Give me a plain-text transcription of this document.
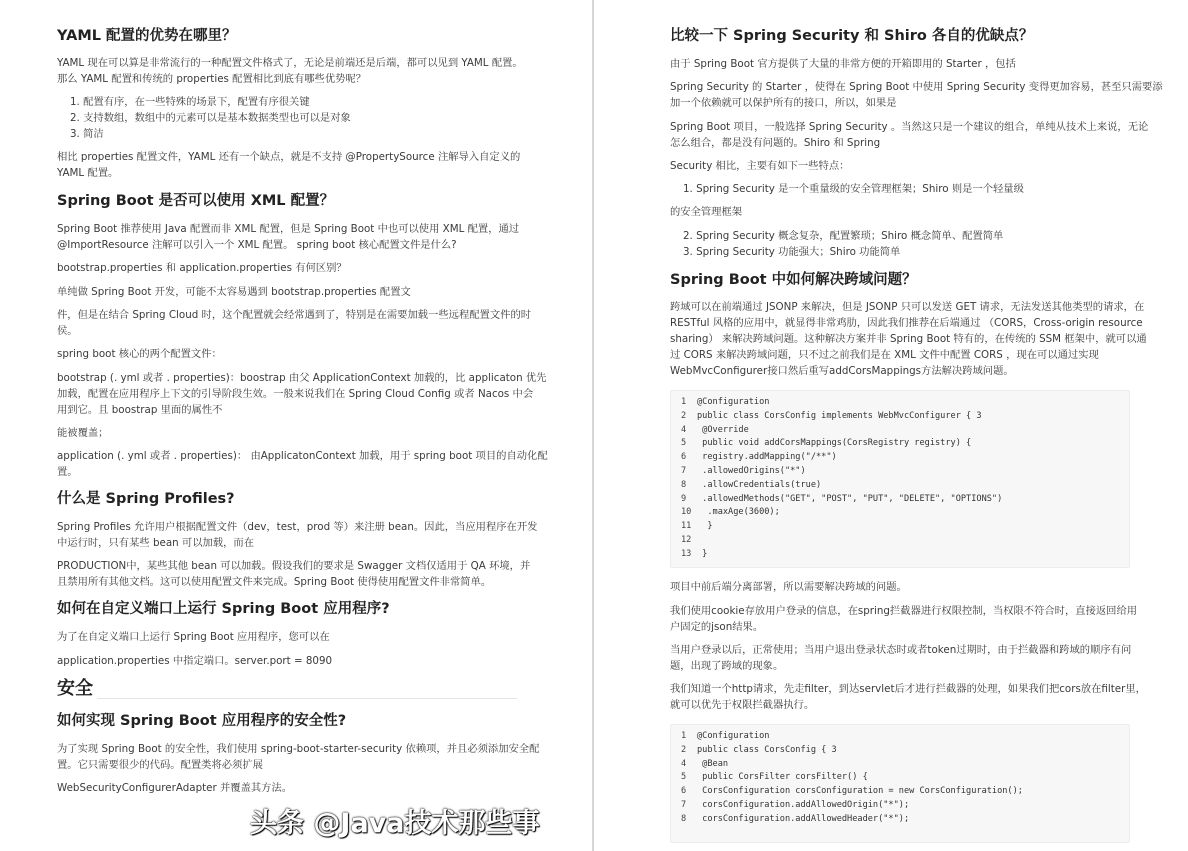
YAML 配置的优势在哪里？
YAML 现在可以算是非常流行的一种配置文件格式了，无论是前端还是后端，都可以见到 YAML 配置。
那么 YAML 配置和传统的 properties 配置相比到底有哪些优势呢？
1. 配置有序，在一些特殊的场景下，配置有序很关键
2. 支持数组，数组中的元素可以是基本数据类型也可以是对象
3. 简洁
相比 properties 配置文件，YAML 还有一个缺点，就是不支持 @PropertySource 注解导入自定义的
YAML 配置。
Spring Boot 是否可以使用 XML 配置？
Spring Boot 推荐使用 Java 配置而非 XML 配置，但是 Spring Boot 中也可以使用 XML 配置，通过
@ImportResource 注解可以引入一个 XML 配置。 spring boot 核心配置文件是什么?
bootstrap.properties 和 application.properties 有何区别？
单纯做 Spring Boot 开发，可能不太容易遇到 bootstrap.properties 配置文
件，但是在结合 Spring Cloud 时，这个配置就会经常遇到了，特别是在需要加载一些远程配置文件的时
侯。
spring boot 核心的两个配置文件：
bootstrap (. yml 或者 . properties)：boostrap 由父 ApplicationContext 加载的，比 applicaton 优先
加载，配置在应用程序上下文的引导阶段生效。一般来说我们在 Spring Cloud Config 或者 Nacos 中会
用到它。且 boostrap 里面的属性不
能被覆盖；
application (. yml 或者 . properties)： 由ApplicatonContext 加载，用于 spring boot 项目的自动化配
置。
什么是 Spring Profiles?
Spring Profiles 允许用户根据配置文件（dev，test，prod 等）来注册 bean。因此，当应用程序在开发
中运行时，只有某些 bean 可以加载，而在
PRODUCTION中，某些其他 bean 可以加载。假设我们的要求是 Swagger 文档仅适用于 QA 环境，并
且禁用所有其他文档。这可以使用配置文件来完成。Spring Boot 使得使用配置文件非常简单。
如何在自定义端口上运行 Spring Boot 应用程序?
为了在自定义端口上运行 Spring Boot 应用程序，您可以在
application.properties 中指定端口。server.port = 8090
安全
如何实现 Spring Boot 应用程序的安全性?
为了实现 Spring Boot 的安全性，我们使用 spring-boot-starter-security 依赖项，并且必须添加安全配
置。它只需要很少的代码。配置类将必须扩展
WebSecurityConfigurerAdapter 并覆盖其方法。
比较一下 Spring Security 和 Shiro 各自的优缺点？
由于 Spring Boot 官方提供了大量的非常方便的开箱即用的 Starter ，包括
Spring Security 的 Starter ，使得在 Spring Boot 中使用 Spring Security 变得更加容易，甚至只需要添
加一个依赖就可以保护所有的接口，所以，如果是
Spring Boot 项目，一般选择 Spring Security 。当然这只是一个建议的组合，单纯从技术上来说，无论
怎么组合，都是没有问题的。Shiro 和 Spring
Security 相比，主要有如下一些特点：
1. Spring Security 是一个重量级的安全管理框架；Shiro 则是一个轻量级
的安全管理框架
2. Spring Security 概念复杂，配置繁琐；Shiro 概念简单、配置简单
3. Spring Security 功能强大；Shiro 功能简单
Spring Boot 中如何解决跨域问题？
跨域可以在前端通过 JSONP 来解决，但是 JSONP 只可以发送 GET 请求，无法发送其他类型的请求，在
RESTful 风格的应用中，就显得非常鸡肋，因此我们推荐在后端通过 （CORS，Cross-origin resource
sharing） 来解决跨域问题。这种解决方案并非 Spring Boot 特有的，在传统的 SSM 框架中，就可以通
过 CORS 来解决跨域问题，只不过之前我们是在 XML 文件中配置 CORS ，现在可以通过实现
WebMvcConfigurer接口然后重写addCorsMappings方法解决跨域问题。
1	@Configuration
2	public class CorsConfig implements WebMvcConfigurer { 3
4	@Override
5	public void addCorsMappings(CorsRegistry registry) {
6	registry.addMapping("/**")
7	.allowedOrigins("*")
8	.allowCredentials(true)
9	.allowedMethods("GET", "POST", "PUT", "DELETE", "OPTIONS")
10 .maxAge(3600);
11 }
12
13 }
项目中前后端分离部署，所以需要解决跨域的问题。
我们使用cookie存放用户登录的信息，在spring拦截器进行权限控制，当权限不符合时，直接返回给用
户固定的json结果。
当用户登录以后，正常使用；当用户退出登录状态时或者token过期时，由于拦截器和跨域的顺序有问
题，出现了跨域的现象。
我们知道一个http请求，先走filter，到达servlet后才进行拦截器的处理，如果我们把cors放在filter里，
就可以优先于权限拦截器执行。
1	@Configuration
2	public class CorsConfig { 3
4	@Bean
5	public CorsFilter corsFilter() {
6	CorsConfiguration corsConfiguration = new CorsConfiguration();
7	corsConfiguration.addAllowedOrigin("*");
8	corsConfiguration.addAllowedHeader("*");
头条 @Java技术那些事
